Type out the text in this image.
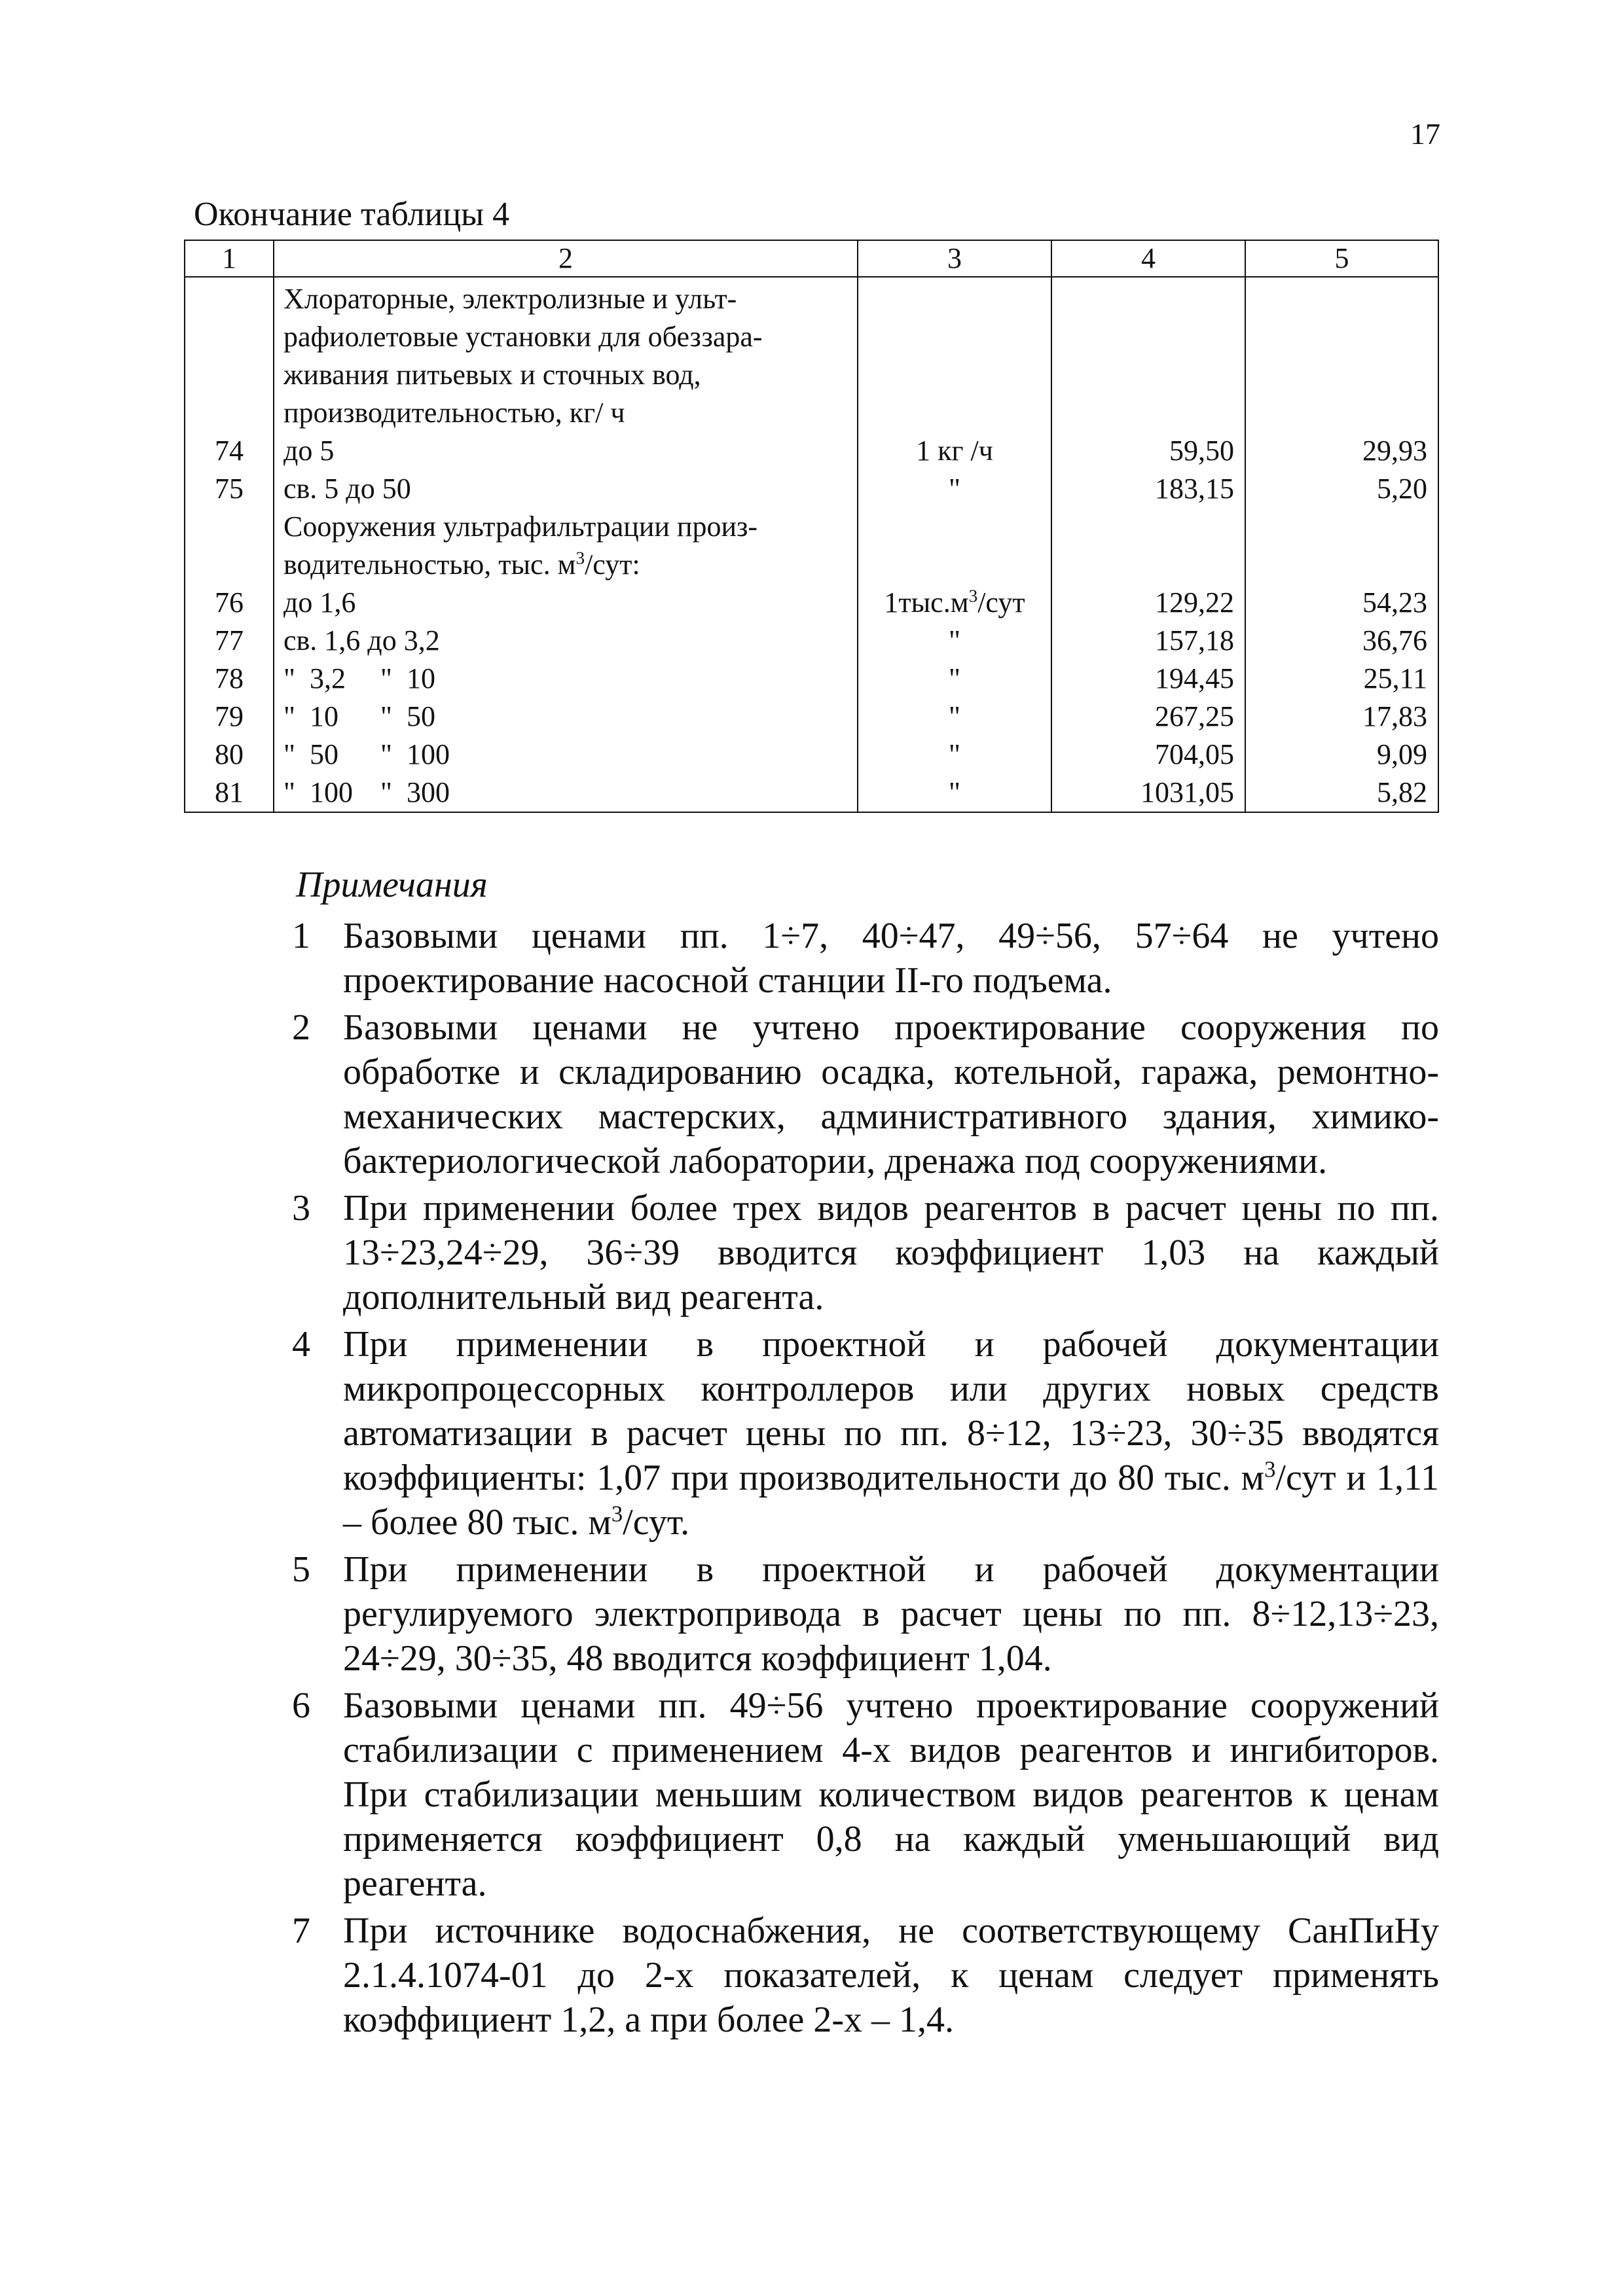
17
Окончание таблицы 4
1	2	3	4	5
	Хлораторные, электролизные и ульт-			
	рафиолетовые установки для обеззара-			
	живания питьевых и сточных вод,			
	производительностью, кг/ ч			
74	до 5	1 кг /ч	59,50	29,93
75	св. 5 до 50	"	183,15	5,20
	Сооружения ультрафильтрации произ-			
	водительностью, тыс. $м^3$/сут:			
76	до 1,6	$1тыс.м^3$/сут	129,22	54,23
77	св. 1,6 до 3,2	"	157,18	36,76
78	" 3,2 " 10	"	194,45	25,11
79	" 10 " 50	"	267,25	17,83
80	" 50 " 100	"	704,05	9,09
81	" 100 " 300	"	1031,05	5,82
Примечания
1 Базовыми ценами пп. 1÷7, 40÷47, 49÷56, 57÷64 не учтено проектирование насосной станции II-го подъема.
2 Базовыми ценами не учтено проектирование сооружения по обработке и складированию осадка, котельной, гаража, ремонтно-механических мастерских, административного здания, химико-бактериологической лаборатории, дренажа под сооружениями.
3 При применении более трех видов реагентов в расчет цены по пп. 13÷23,24÷29, 36÷39 вводится коэффициент 1,03 на каждый дополнительный вид реагента.
4 При применении в проектной и рабочей документации микропроцессорных контроллеров или других новых средств автоматизации в расчет цены по пп. 8÷12, 13÷23, 30÷35 вводятся коэффициенты: 1,07 при производительности до 80 тыс. $м^3$/сут и 1,11 – более 80 тыс. $м^3$/сут.
5 При применении в проектной и рабочей документации регулируемого электропривода в расчет цены по пп. 8÷12,13÷23, 24÷29, 30÷35, 48 вводится коэффициент 1,04.
6 Базовыми ценами пп. 49÷56 учтено проектирование сооружений стабилизации с применением 4-х видов реагентов и ингибиторов. При стабилизации меньшим количеством видов реагентов к ценам применяется коэффициент 0,8 на каждый уменьшающий вид реагента.
7 При источнике водоснабжения, не соответствующему СанПиНу 2.1.4.1074-01 до 2-х показателей, к ценам следует применять коэффициент 1,2, а при более 2-х – 1,4.
